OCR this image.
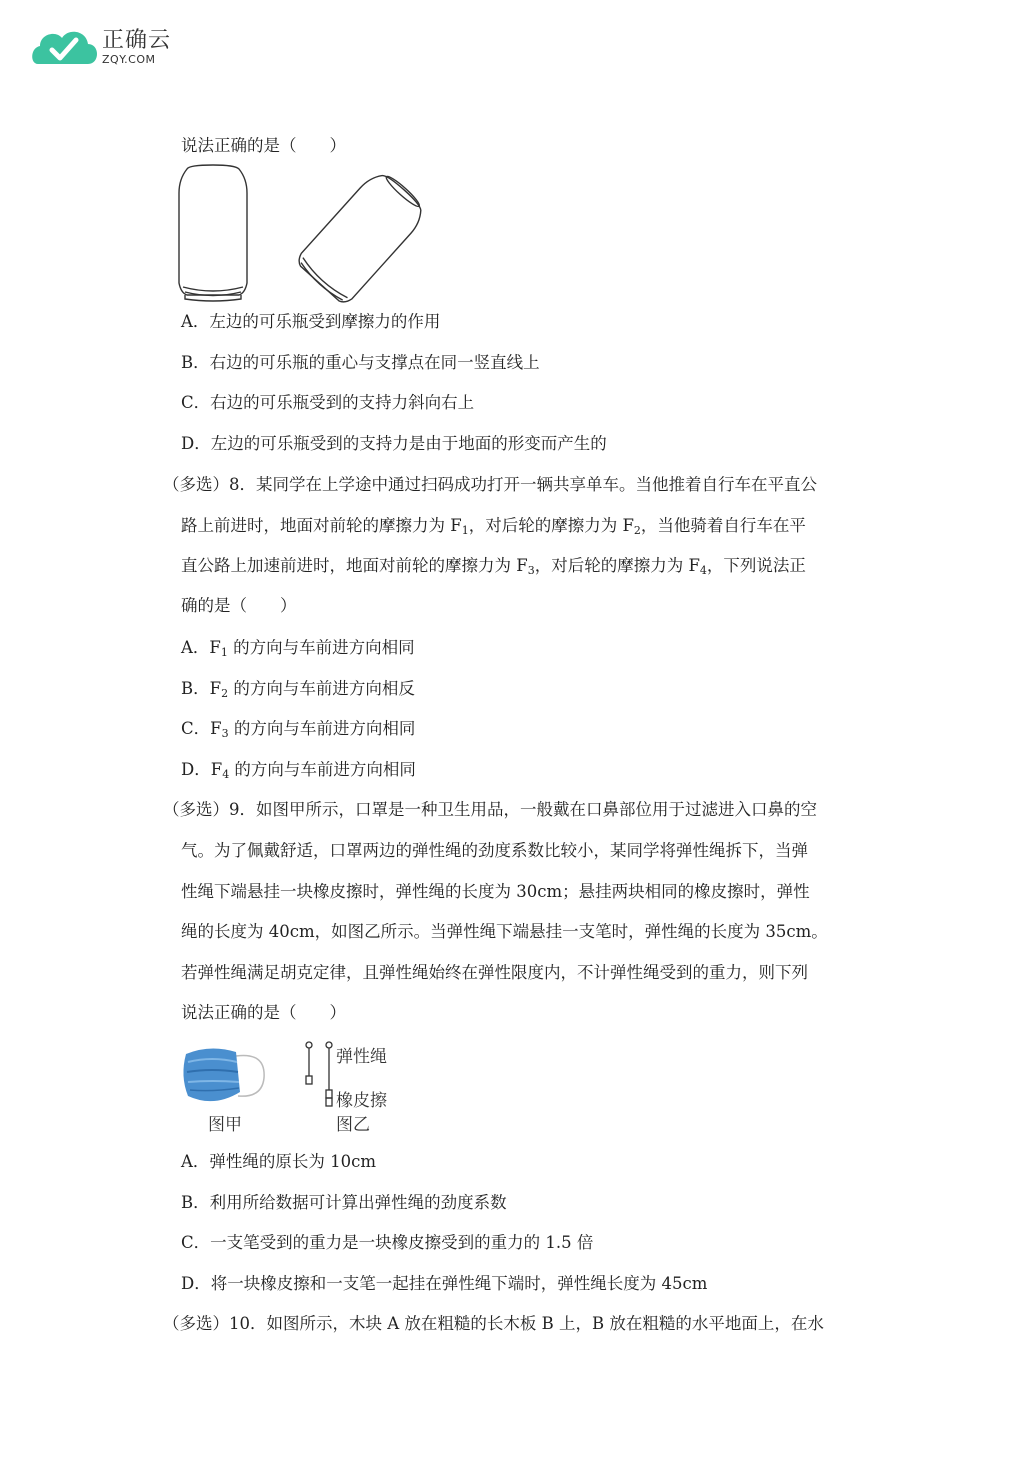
正确云
ZQY.COM
说法正确的是（　　）
A．左边的可乐瓶受到摩擦力的作用
B．右边的可乐瓶的重心与支撑点在同一竖直线上
C．右边的可乐瓶受到的支持力斜向右上
D．左边的可乐瓶受到的支持力是由于地面的形变而产生的
（多选）8．某同学在上学途中通过扫码成功打开一辆共享单车。当他推着自行车在平直公
路上前进时，地面对前轮的摩擦力为 $F_1$，对后轮的摩擦力为 $F_2$，当他骑着自行车在平
直公路上加速前进时，地面对前轮的摩擦力为 $F_3$，对后轮的摩擦力为 $F_4$，下列说法正
确的是（　　）
A．$F_1$ 的方向与车前进方向相同
B．$F_2$ 的方向与车前进方向相反
C．$F_3$ 的方向与车前进方向相同
D．$F_4$ 的方向与车前进方向相同
（多选）9．如图甲所示，口罩是一种卫生用品，一般戴在口鼻部位用于过滤进入口鼻的空
气。为了佩戴舒适，口罩两边的弹性绳的劲度系数比较小，某同学将弹性绳拆下，当弹
性绳下端悬挂一块橡皮擦时，弹性绳的长度为 30cm；悬挂两块相同的橡皮擦时，弹性
绳的长度为 40cm，如图乙所示。当弹性绳下端悬挂一支笔时，弹性绳的长度为 35cm。
若弹性绳满足胡克定律，且弹性绳始终在弹性限度内，不计弹性绳受到的重力，则下列
说法正确的是（　　）
图甲
弹性绳
橡皮擦
图乙
A．弹性绳的原长为 10cm
B．利用所给数据可计算出弹性绳的劲度系数
C．一支笔受到的重力是一块橡皮擦受到的重力的 1.5 倍
D．将一块橡皮擦和一支笔一起挂在弹性绳下端时，弹性绳长度为 45cm
（多选）10．如图所示，木块 A 放在粗糙的长木板 B 上，B 放在粗糙的水平地面上，在水
